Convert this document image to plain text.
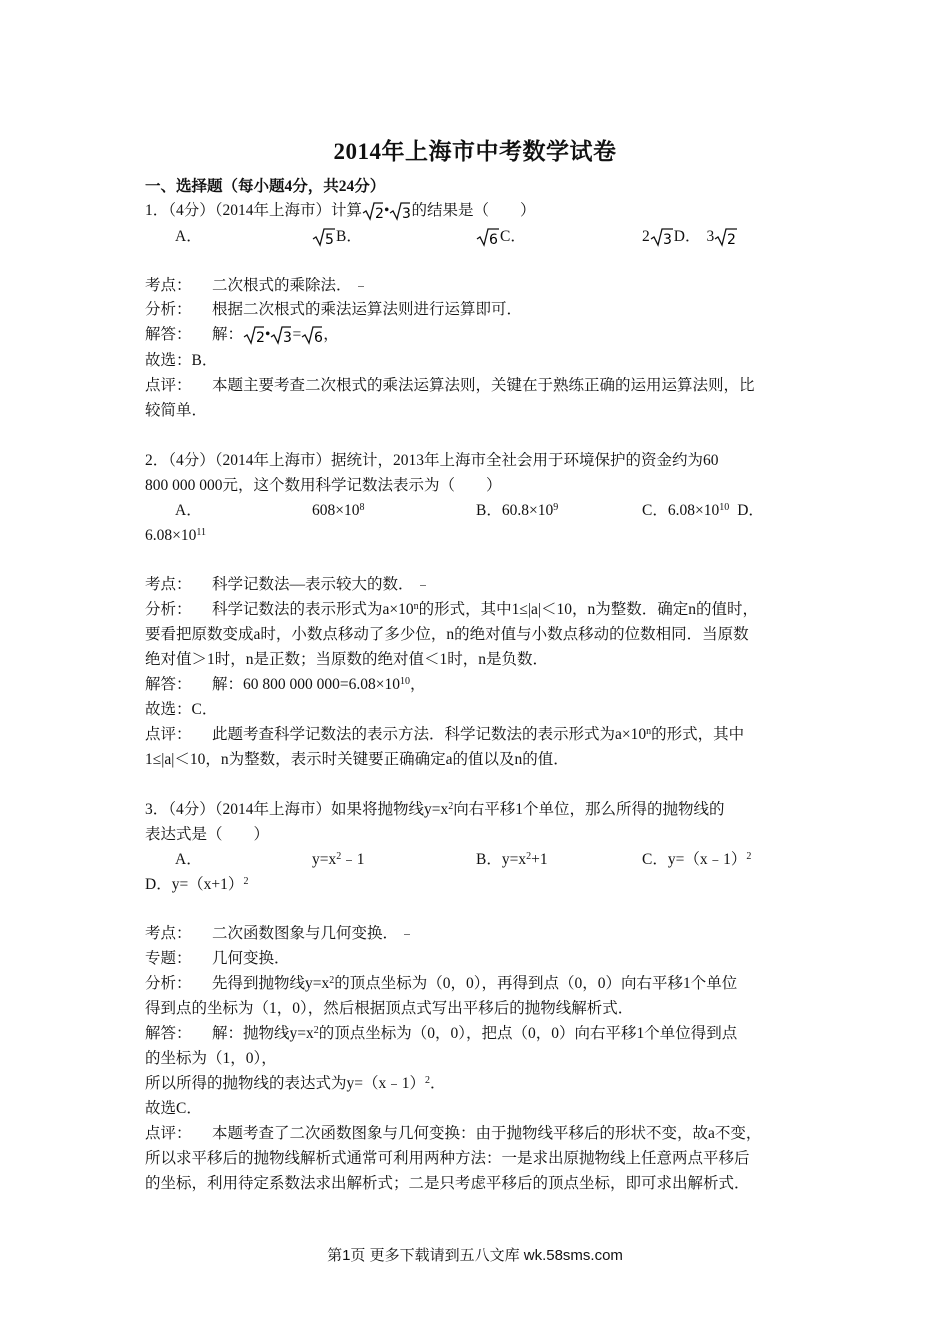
2014年上海市中考数学试卷
一、选择题（每小题4分，共24分）
1．（4分）（2014年上海市）计算 2 • 3 的结果是（　　）
A．	5 B．	6 C．	2 3 D． 3 2
考点： 二次根式的乘除法．
分析： 根据二次根式的乘法运算法则进行运算即可．
解答： 解： 2 • 3 = 6 ，
故选：B．
点评： 本题主要考查二次根式的乘法运算法则，关键在于熟练正确的运用运算法则，比
较简单．
2．（4分）（2014年上海市）据统计，2013年上海市全社会用于环境保护的资金约为60
800 000 000元，这个数用科学记数法表示为（　　）
A．	$608\times 10^8$	B．$60.8\times 10^9$	C．$6.08\times 10^{10}$ D．
$6.08\times 10^{11}$
考点： 科学记数法—表示较大的数．
分析： 科学记数法的表示形式为$a\times 10^n$的形式，其中1≤|a|＜10，n为整数．确定n的值时，
要看把原数变成a时，小数点移动了多少位，n的绝对值与小数点移动的位数相同．当原数
绝对值＞1时，n是正数；当原数的绝对值＜1时，n是负数．
解答： 解：60 800 000 $000=6.08\times 10^{10}$，
故选：C．
点评： 此题考查科学记数法的表示方法．科学记数法的表示形式为$a\times 10^n$的形式，其中
1≤|a|＜10，n为整数，表示时关键要正确确定a的值以及n的值．
3．（4分）（2014年上海市）如果将抛物线$y=x^2$向右平移1个单位，那么所得的抛物线的
表达式是（　　）
A．	$y=x^2﹣1$	B．$y=x^2+1$	C．y=（x﹣1）$^2$
D．$y=(x+1)^2$
考点： 二次函数图象与几何变换．
专题： 几何变换．
分析： 先得到抛物线$y=x^2$的顶点坐标为（0，0），再得到点（0，0）向右平移1个单位
得到点的坐标为（1，0），然后根据顶点式写出平移后的抛物线解析式．
解答： 解：抛物线$y=x^2$的顶点坐标为（0，0），把点（0，0）向右平移1个单位得到点
的坐标为（1，0），
所以所得的抛物线的表达式为y=（x﹣1）$^2$．
故选C．
点评： 本题考查了二次函数图象与几何变换：由于抛物线平移后的形状不变，故a不变，
所以求平移后的抛物线解析式通常可利用两种方法：一是求出原抛物线上任意两点平移后
的坐标，利用待定系数法求出解析式；二是只考虑平移后的顶点坐标，即可求出解析式．
第1页 更多下载请到五八文库 wk.58sms.com
